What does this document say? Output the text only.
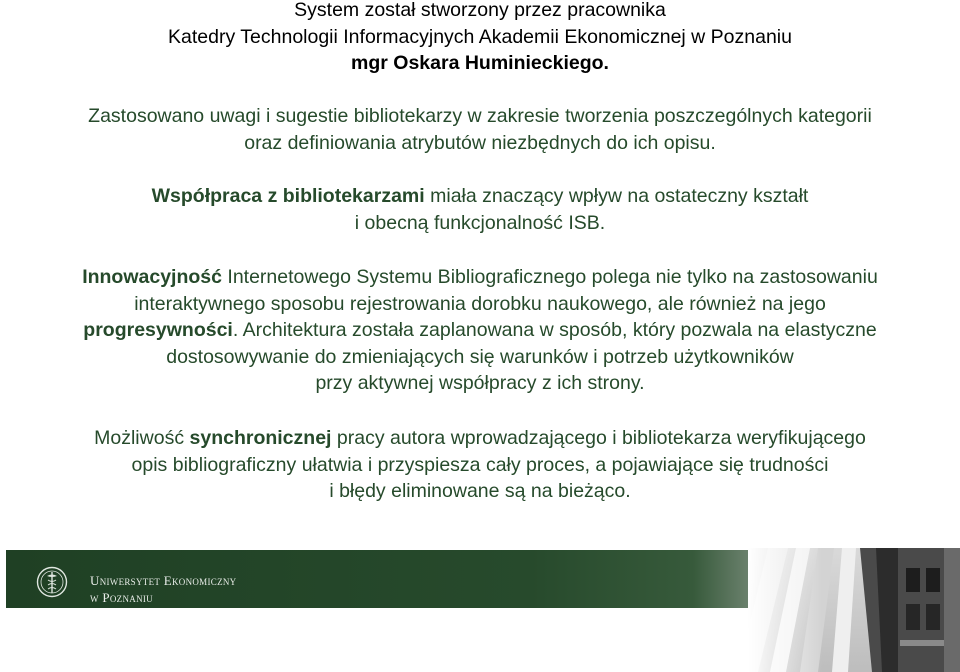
System został stworzony przez pracownika
Katedry Technologii Informacyjnych Akademii Ekonomicznej w Poznaniu
mgr Oskara Huminieckiego.
Zastosowano uwagi i sugestie bibliotekarzy w zakresie tworzenia poszczególnych kategorii
oraz definiowania atrybutów niezbędnych do ich opisu.
Współpraca z bibliotekarzami miała znaczący wpływ na ostateczny kształt
i obecną funkcjonalność ISB.
Innowacyjność Internetowego Systemu Bibliograficznego polega nie tylko na zastosowaniu
interaktywnego sposobu rejestrowania dorobku naukowego, ale również na jego
progresywności. Architektura została zaplanowana w sposób, który pozwala na elastyczne
dostosowywanie do zmieniających się warunków i potrzeb użytkowników
przy aktywnej współpracy z ich strony.
Możliwość synchronicznej pracy autora wprowadzającego i bibliotekarza weryfikującego
opis bibliograficzny ułatwia i przyspiesza cały proces, a pojawiające się trudności
i błędy eliminowane są na bieżąco.
Uniwersytet Ekonomiczny
w Poznaniu
